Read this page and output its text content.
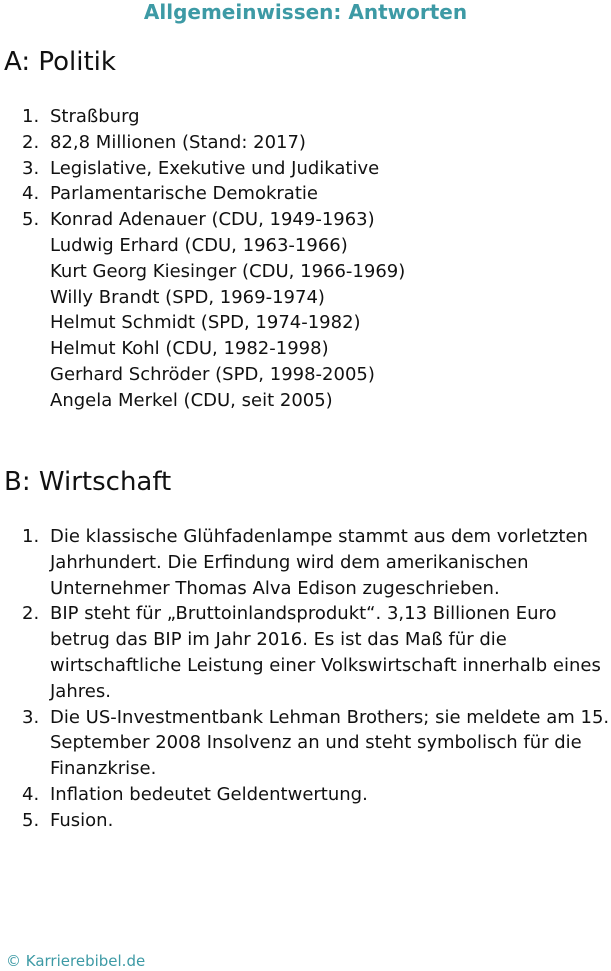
Allgemeinwissen: Antworten
A: Politik
1. Straßburg
2. 82,8 Millionen (Stand: 2017)
3. Legislative, Exekutive und Judikative
4. Parlamentarische Demokratie
5. Konrad Adenauer (CDU, 1949-1963)
Ludwig Erhard (CDU, 1963-1966)
Kurt Georg Kiesinger (CDU, 1966-1969)
Willy Brandt (SPD, 1969-1974)
Helmut Schmidt (SPD, 1974-1982)
Helmut Kohl (CDU, 1982-1998)
Gerhard Schröder (SPD, 1998-2005)
Angela Merkel (CDU, seit 2005)
B: Wirtschaft
1. Die klassische Glühfadenlampe stammt aus dem vorletzten Jahrhundert. Die Erfindung wird dem amerikanischen Unternehmer Thomas Alva Edison zugeschrieben.
2. BIP steht für „Bruttoinlandsprodukt“. 3,13 Billionen Euro betrug das BIP im Jahr 2016. Es ist das Maß für die wirtschaftliche Leistung einer Volkswirtschaft innerhalb eines Jahres.
3. Die US-Investmentbank Lehman Brothers; sie meldete am 15. September 2008 Insolvenz an und steht symbolisch für die Finanzkrise.
4. Inflation bedeutet Geldentwertung.
5. Fusion.
© Karrierebibel.de
